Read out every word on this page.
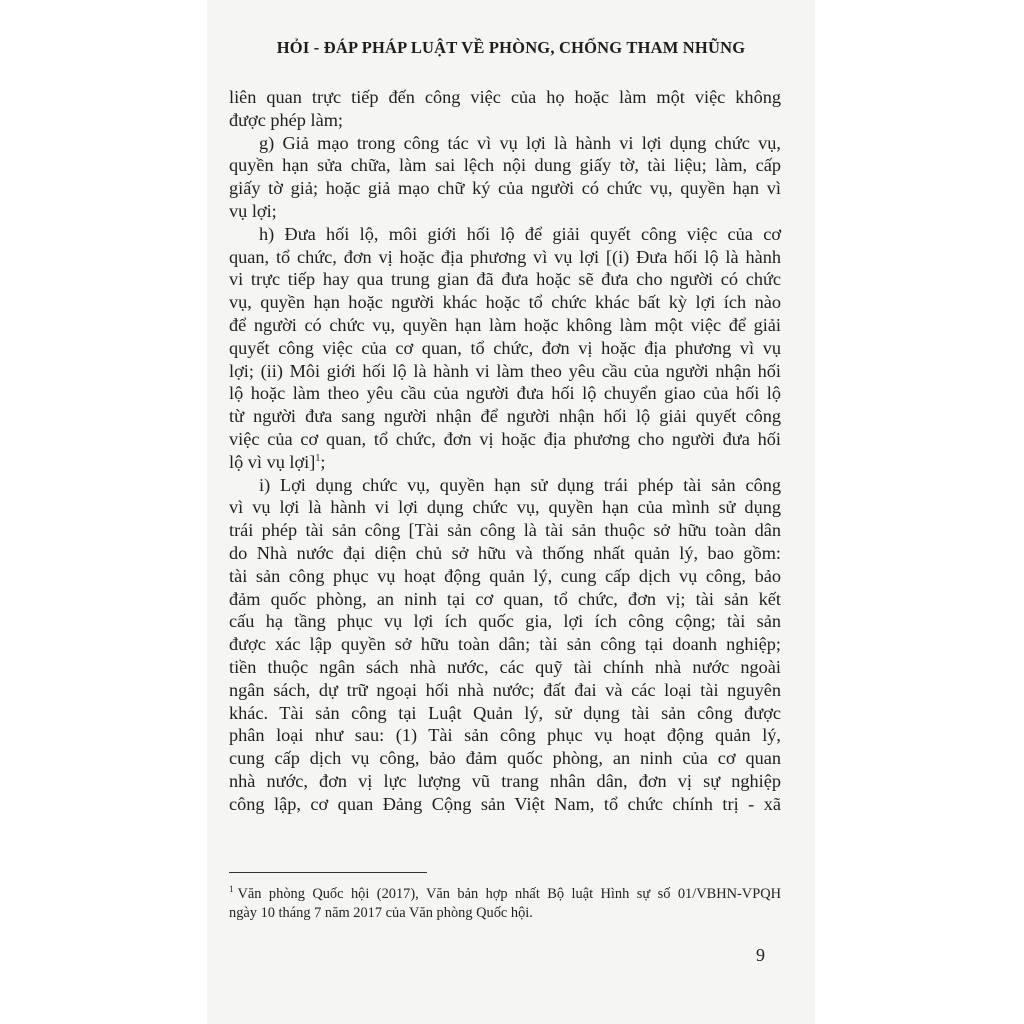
HỎI - ĐÁP PHÁP LUẬT VỀ PHÒNG, CHỐNG THAM NHŨNG

liên quan trực tiếp đến công việc của họ hoặc làm một việc không
được phép làm;

g) Giả mạo trong công tác vì vụ lợi là hành vi lợi dụng chức vụ,
quyền hạn sửa chữa, làm sai lệch nội dung giấy tờ, tài liệu; làm, cấp
giấy tờ giả; hoặc giả mạo chữ ký của người có chức vụ, quyền hạn vì
vụ lợi;

h) Đưa hối lộ, môi giới hối lộ để giải quyết công việc của cơ
quan, tổ chức, đơn vị hoặc địa phương vì vụ lợi [(i) Đưa hối lộ là hành
vi trực tiếp hay qua trung gian đã đưa hoặc sẽ đưa cho người có chức
vụ, quyền hạn hoặc người khác hoặc tổ chức khác bất kỳ lợi ích nào
để người có chức vụ, quyền hạn làm hoặc không làm một việc để giải
quyết công việc của cơ quan, tổ chức, đơn vị hoặc địa phương vì vụ
lợi; (ii) Môi giới hối lộ là hành vi làm theo yêu cầu của người nhận hối
lộ hoặc làm theo yêu cầu của người đưa hối lộ chuyển giao của hối lộ
từ người đưa sang người nhận để người nhận hối lộ giải quyết công
việc của cơ quan, tổ chức, đơn vị hoặc địa phương cho người đưa hối
lộ vì vụ lợi]$^1$;

i) Lợi dụng chức vụ, quyền hạn sử dụng trái phép tài sản công
vì vụ lợi là hành vi lợi dụng chức vụ, quyền hạn của mình sử dụng
trái phép tài sản công [Tài sản công là tài sản thuộc sở hữu toàn dân
do Nhà nước đại diện chủ sở hữu và thống nhất quản lý, bao gồm:
tài sản công phục vụ hoạt động quản lý, cung cấp dịch vụ công, bảo
đảm quốc phòng, an ninh tại cơ quan, tổ chức, đơn vị; tài sản kết
cấu hạ tầng phục vụ lợi ích quốc gia, lợi ích công cộng; tài sản
được xác lập quyền sở hữu toàn dân; tài sản công tại doanh nghiệp;
tiền thuộc ngân sách nhà nước, các quỹ tài chính nhà nước ngoài
ngân sách, dự trữ ngoại hối nhà nước; đất đai và các loại tài nguyên
khác. Tài sản công tại Luật Quản lý, sử dụng tài sản công được
phân loại như sau: (1) Tài sản công phục vụ hoạt động quản lý,
cung cấp dịch vụ công, bảo đảm quốc phòng, an ninh của cơ quan
nhà nước, đơn vị lực lượng vũ trang nhân dân, đơn vị sự nghiệp
công lập, cơ quan Đảng Cộng sản Việt Nam, tổ chức chính trị - xã

$^1$ Văn phòng Quốc hội (2017), Văn bản hợp nhất Bộ luật Hình sự số 01/VBHN-VPQH
ngày 10 tháng 7 năm 2017 của Văn phòng Quốc hội.
9
